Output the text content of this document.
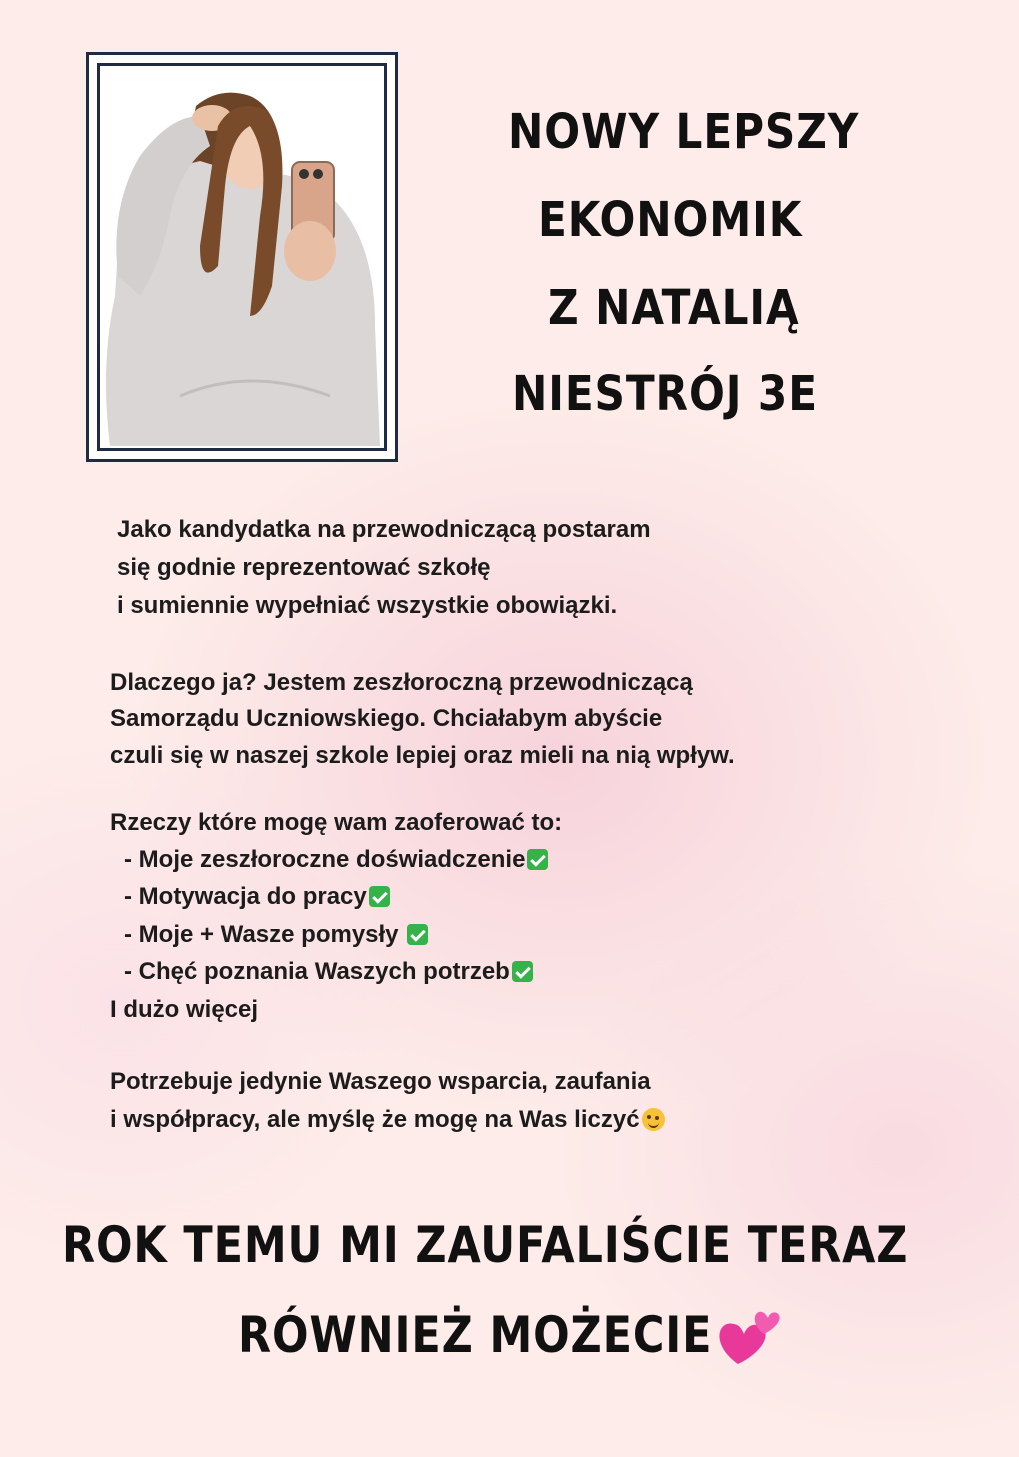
NOWY LEPSZY
EKONOMIK
Z NATALIĄ
NIESTRÓJ 3E
Jako kandydatka na przewodniczącą postaram
się godnie reprezentować szkołę
i sumiennie wypełniać wszystkie obowiązki.
Dlaczego ja? Jestem zeszłoroczną przewodniczącą
Samorządu Uczniowskiego. Chciałabym abyście
czuli się w naszej szkole lepiej oraz mieli na nią wpływ.
Rzeczy które mogę wam zaoferować to:
- Moje zeszłoroczne doświadczenie
- Motywacja do pracy
- Moje + Wasze pomysły
- Chęć poznania Waszych potrzeb
I dużo więcej
Potrzebuje jedynie Waszego wsparcia, zaufania
i współpracy, ale myślę że mogę na Was liczyć
ROK TEMU MI ZAUFALIŚCIE TERAZ
RÓWNIEŻ MOŻECIE
